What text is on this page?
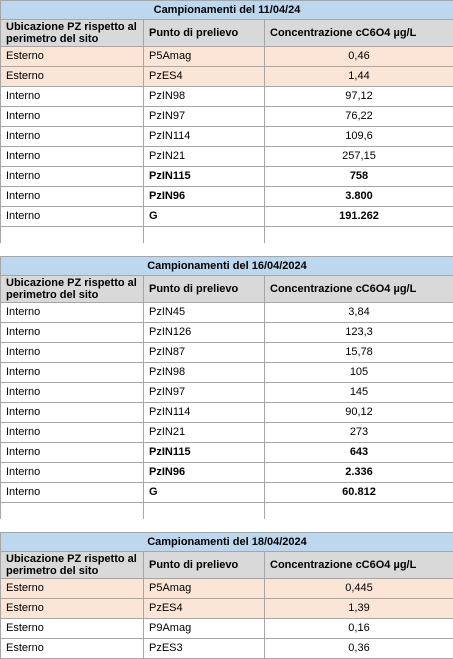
Campionamenti del 11/04/24		
Ubicazione PZ rispetto al perimetro del sito	Punto di prelievo	Concentrazione cC6O4 µg/L
Esterno	P5Amag	0,46
Esterno	PzES4	1,44
Interno	PzIN98	97,12
Interno	PzIN97	76,22
Interno	PzIN114	109,6
Interno	PzIN21	257,15
Interno	PzIN115	758
Interno	PzIN96	3.800
Interno	G	191.262

Campionamenti del 16/04/2024		
Ubicazione PZ rispetto al perimetro del sito	Punto di prelievo	Concentrazione cC6O4 µg/L
Interno	PzIN45	3,84
Interno	PzIN126	123,3
Interno	PzIN87	15,78
Interno	PzIN98	105
Interno	PzIN97	145
Interno	PzIN114	90,12
Interno	PzIN21	273
Interno	PzIN115	643
Interno	PzIN96	2.336
Interno	G	60.812

Campionamenti del 18/04/2024		
Ubicazione PZ rispetto al perimetro del sito	Punto di prelievo	Concentrazione cC6O4 µg/L
Esterno	P5Amag	0,445
Esterno	PzES4	1,39
Esterno	P9Amag	0,16
Esterno	PzES3	0,36
